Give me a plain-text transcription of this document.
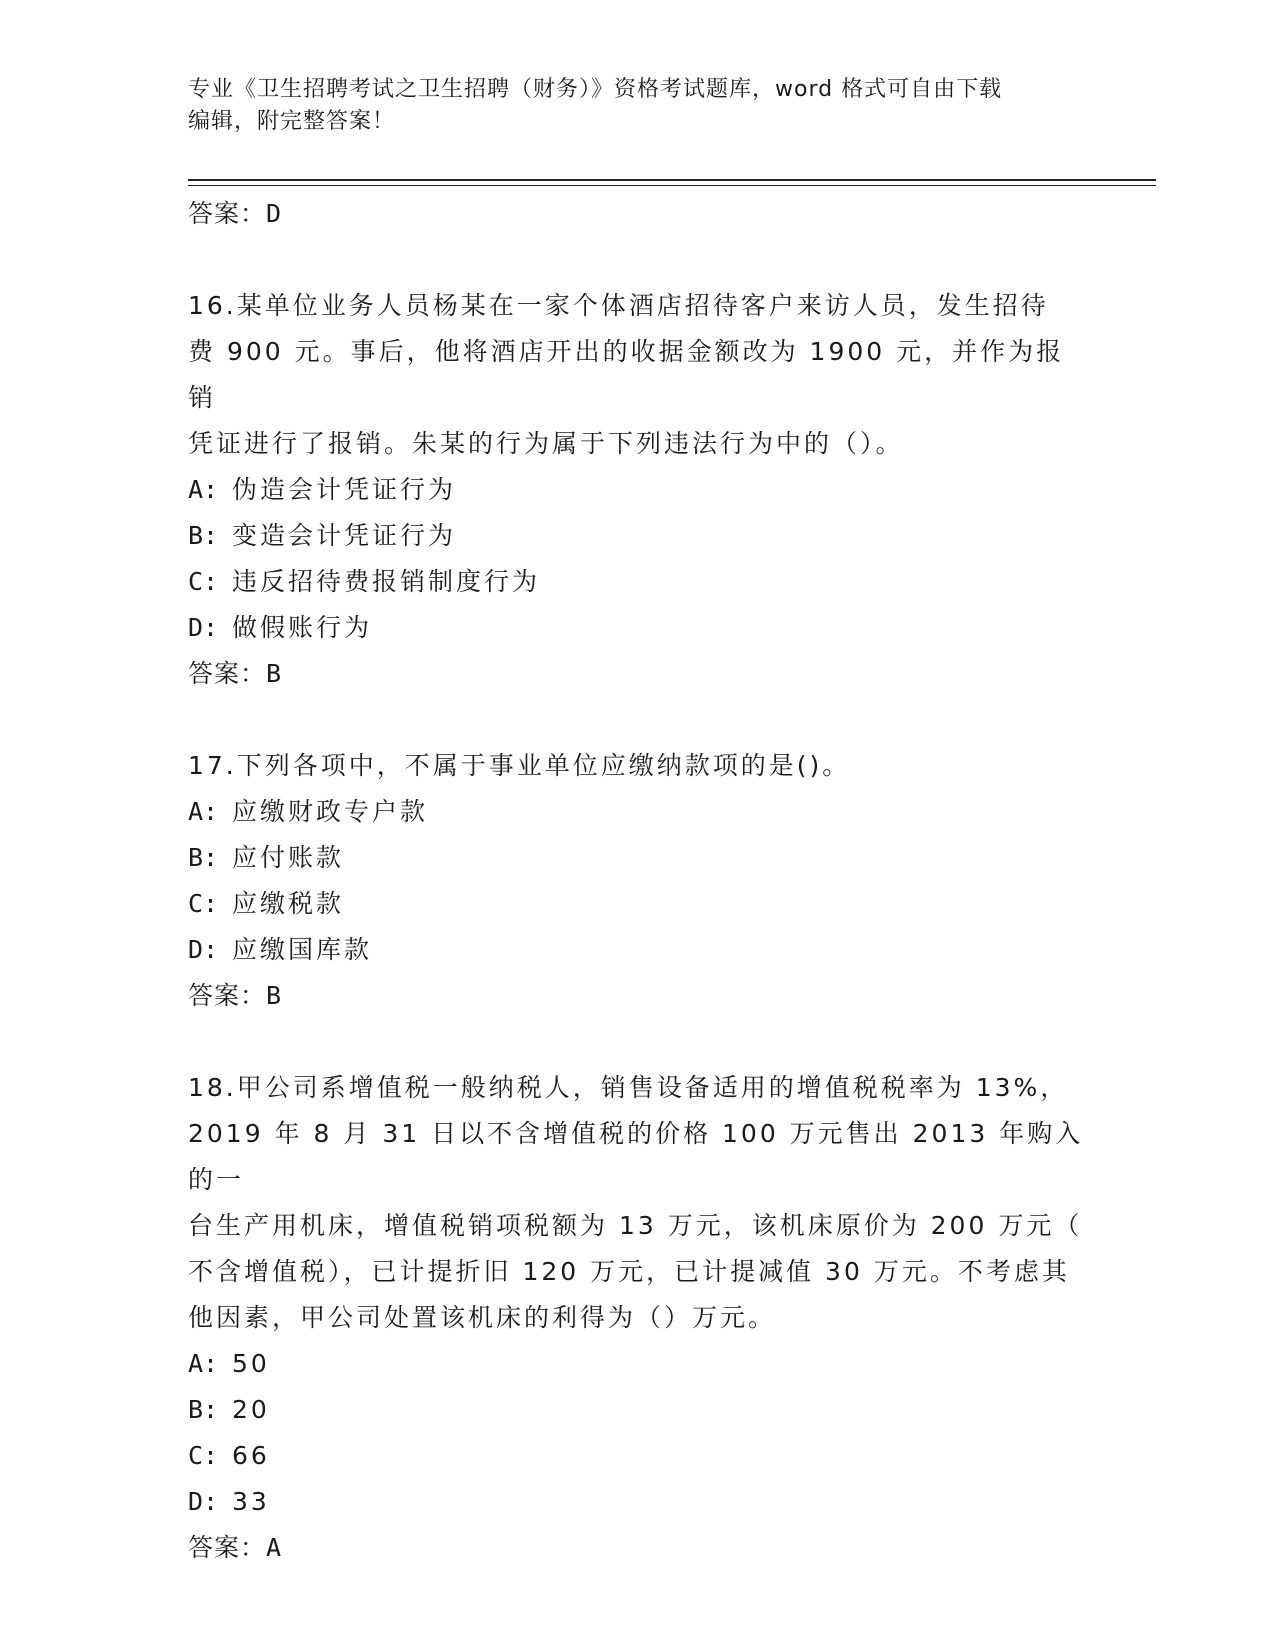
专业《卫生招聘考试之卫生招聘（财务）》资格考试题库，word 格式可自由下载
编辑，附完整答案！
答案：D
16.某单位业务人员杨某在一家个体酒店招待客户来访人员，发生招待
费 900 元。事后，他将酒店开出的收据金额改为 1900 元，并作为报销
凭证进行了报销。朱某的行为属于下列违法行为中的（）。
A: 伪造会计凭证行为
B: 变造会计凭证行为
C: 违反招待费报销制度行为
D: 做假账行为
答案：B
17.下列各项中，不属于事业单位应缴纳款项的是()。
A: 应缴财政专户款
B: 应付账款
C: 应缴税款
D: 应缴国库款
答案：B
18.甲公司系增值税一般纳税人，销售设备适用的增值税税率为 13%，
2019 年 8 月 31 日以不含增值税的价格 100 万元售出 2013 年购入的一
台生产用机床，增值税销项税额为 13 万元，该机床原价为 200 万元（
不含增值税），已计提折旧 120 万元，已计提减值 30 万元。不考虑其
他因素，甲公司处置该机床的利得为（）万元。
A: 50
B: 20
C: 66
D: 33
答案：A
